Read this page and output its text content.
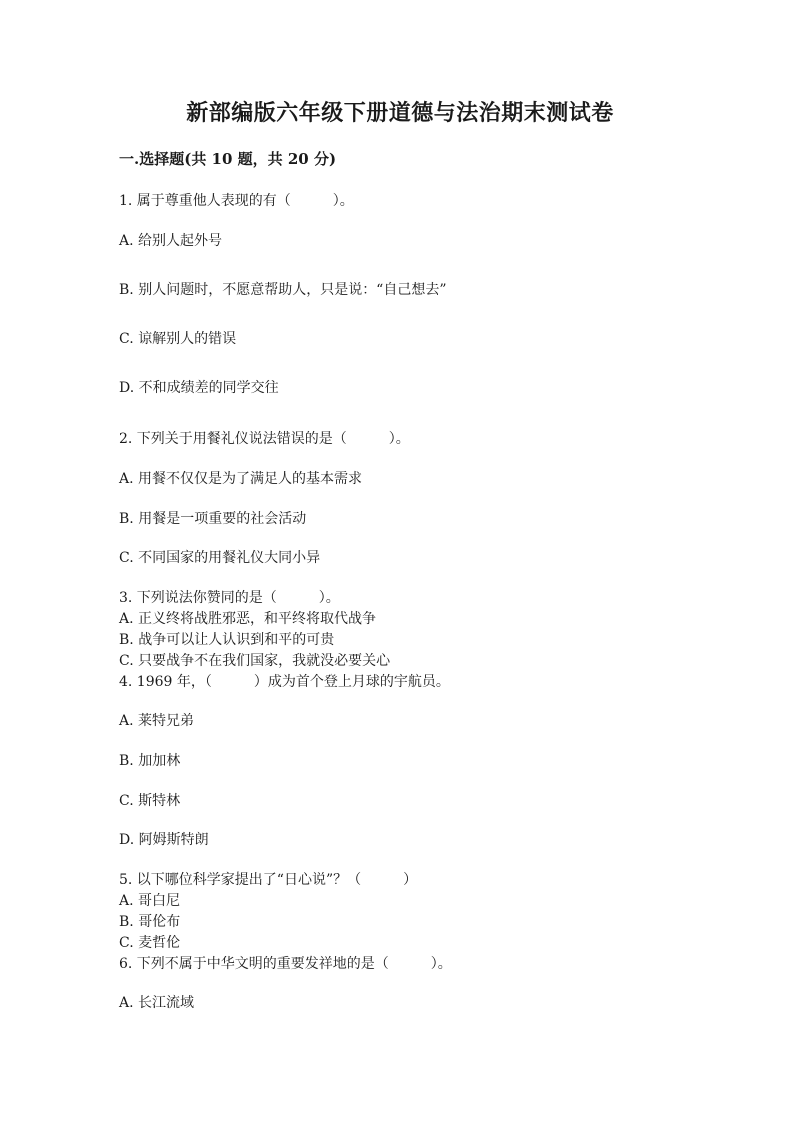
新部编版六年级下册道德与法治期末测试卷
一.选择题(共 10 题，共 20 分)
1. 属于尊重他人表现的有（　　　）。
A. 给别人起外号
B. 别人问题时，不愿意帮助人，只是说：“自己想去”
C. 谅解别人的错误
D. 不和成绩差的同学交往
2. 下列关于用餐礼仪说法错误的是（　　　）。
A. 用餐不仅仅是为了满足人的基本需求
B. 用餐是一项重要的社会活动
C. 不同国家的用餐礼仪大同小异
3. 下列说法你赞同的是（　　　）。
A. 正义终将战胜邪恶，和平终将取代战争
B. 战争可以让人认识到和平的可贵
C. 只要战争不在我们国家，我就没必要关心
4. 1969 年，（　　　）成为首个登上月球的宇航员。
A. 莱特兄弟
B. 加加林
C. 斯特林
D. 阿姆斯特朗
5. 以下哪位科学家提出了“日心说”？（　　　）
A. 哥白尼
B. 哥伦布
C. 麦哲伦
6. 下列不属于中华文明的重要发祥地的是（　　　）。
A. 长江流域
